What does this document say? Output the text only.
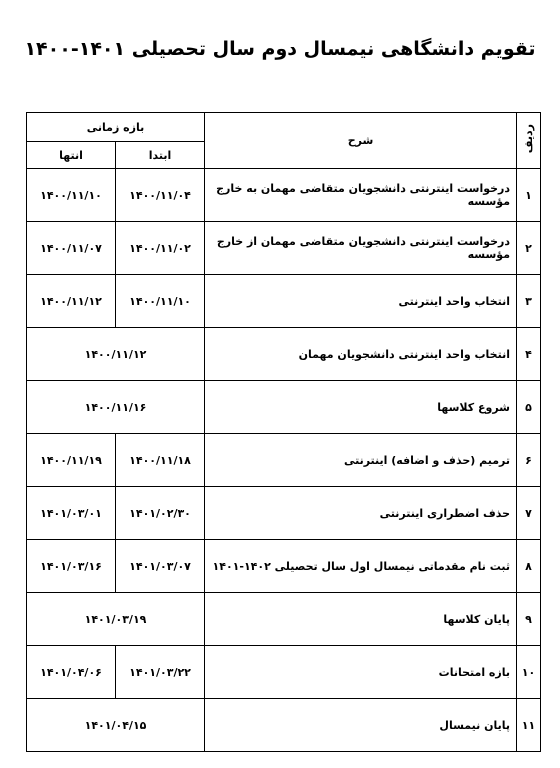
تقویم دانشگاهی نیمسال دوم سال تحصیلی ۱۴۰۱-۱۴۰۰
ردیف	شرح	بازه زمانی	
		ابتدا	انتها
۱	درخواست اینترنتی دانشجویان متقاضی مهمان به خارج مؤسسه	۱۴۰۰/۱۱/۰۴	۱۴۰۰/۱۱/۱۰
۲	درخواست اینترنتی دانشجویان متقاضی مهمان از خارج مؤسسه	۱۴۰۰/۱۱/۰۲	۱۴۰۰/۱۱/۰۷
۳	انتخاب واحد اینترنتی	۱۴۰۰/۱۱/۱۰	۱۴۰۰/۱۱/۱۲
۴	انتخاب واحد اینترنتی دانشجویان مهمان	۱۴۰۰/۱۱/۱۲	
۵	شروع کلاسها	۱۴۰۰/۱۱/۱۶	
۶	ترمیم (حذف و اضافه) اینترنتی	۱۴۰۰/۱۱/۱۸	۱۴۰۰/۱۱/۱۹
۷	حذف اضطراری اینترنتی	۱۴۰۱/۰۲/۳۰	۱۴۰۱/۰۳/۰۱
۸	ثبت نام مقدماتی نیمسال اول سال تحصیلی ۱۴۰۲-۱۴۰۱	۱۴۰۱/۰۳/۰۷	۱۴۰۱/۰۳/۱۶
۹	پایان کلاسها	۱۴۰۱/۰۳/۱۹	
۱۰	بازه امتحانات	۱۴۰۱/۰۳/۲۲	۱۴۰۱/۰۴/۰۶
۱۱	پایان نیمسال	۱۴۰۱/۰۴/۱۵	
